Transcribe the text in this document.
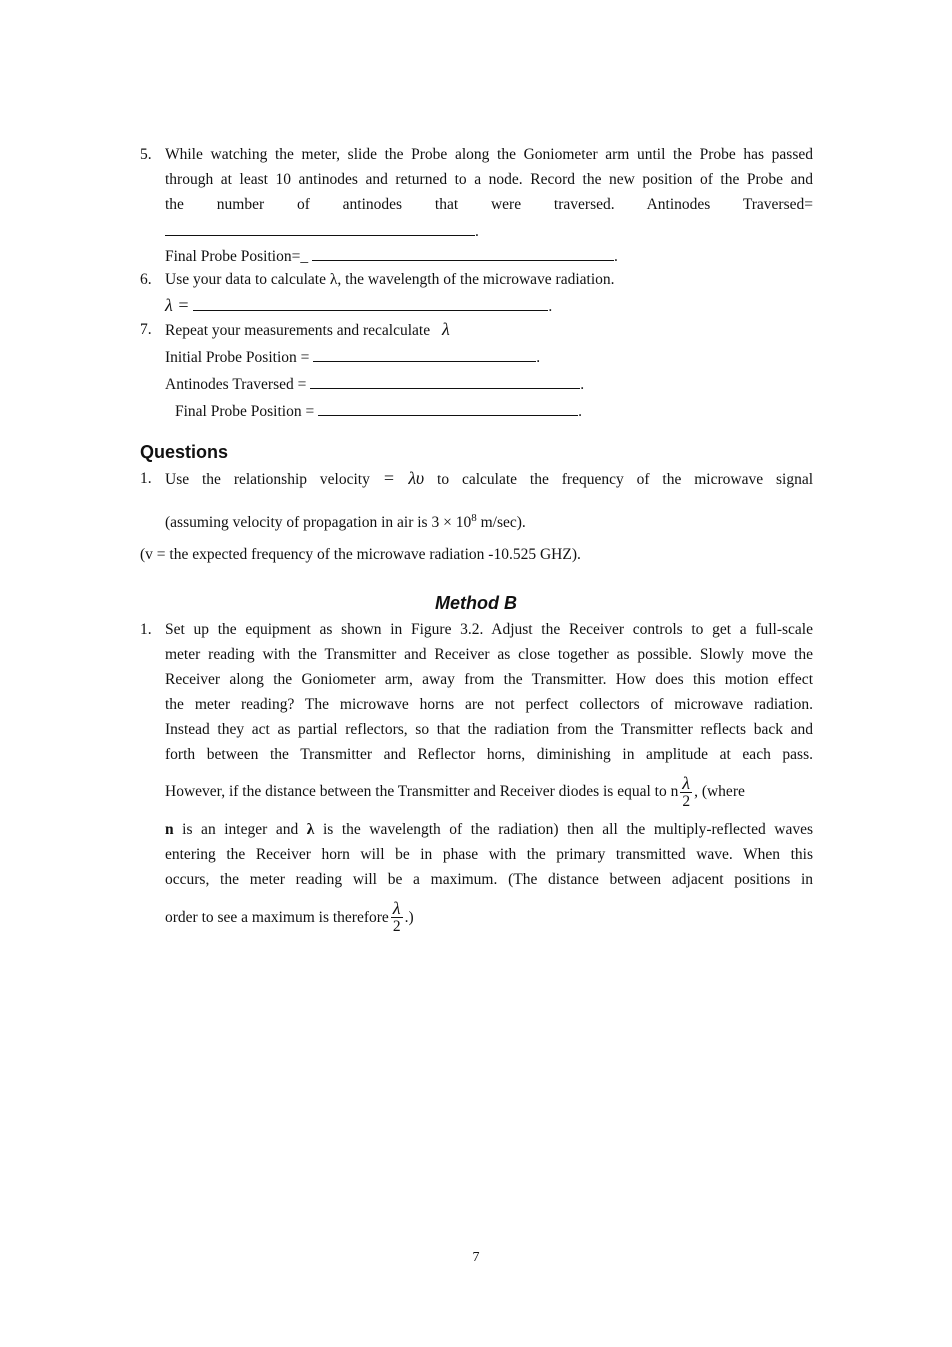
5. While watching the meter, slide the Probe along the Goniometer arm until the Probe has passed
through at least 10 antinodes and returned to a node. Record the new position of the Probe and
the number of antinodes that were traversed. Antinodes Traversed=
.
Final Probe Position=_	.
6. Use your data to calculate λ, the wavelength of the microwave radiation.
λ =	.
7. Repeat your measurements and recalculate λ
Initial Probe Position =	.
Antinodes Traversed =	.
Final Probe Position =	.
Questions
1. Use the relationship velocity = λυ to calculate the frequency of the microwave signal
(assuming velocity of propagation in air is $3 \times 10^8$ m/sec).
(v = the expected frequency of the microwave radiation -10.525 GHZ).
Method B
1. Set up the equipment as shown in Figure 3.2. Adjust the Receiver controls to get a full-scale
meter reading with the Transmitter and Receiver as close together as possible. Slowly move the
Receiver along the Goniometer arm, away from the Transmitter. How does this motion effect
the meter reading? The microwave horns are not perfect collectors of microwave radiation.
Instead they act as partial reflectors, so that the radiation from the Transmitter reflects back and
forth between the Transmitter and Reflector horns, diminishing in amplitude at each pass.
However, if the distance between the Transmitter and Receiver diodes is equal to n $\frac{\lambda}{2}$ , (where
n is an integer and λ is the wavelength of the radiation) then all the multiply-reflected waves
entering the Receiver horn will be in phase with the primary transmitted wave. When this
occurs, the meter reading will be a maximum. (The distance between adjacent positions in
order to see a maximum is therefore $\frac{\lambda}{2}$ .)
7
